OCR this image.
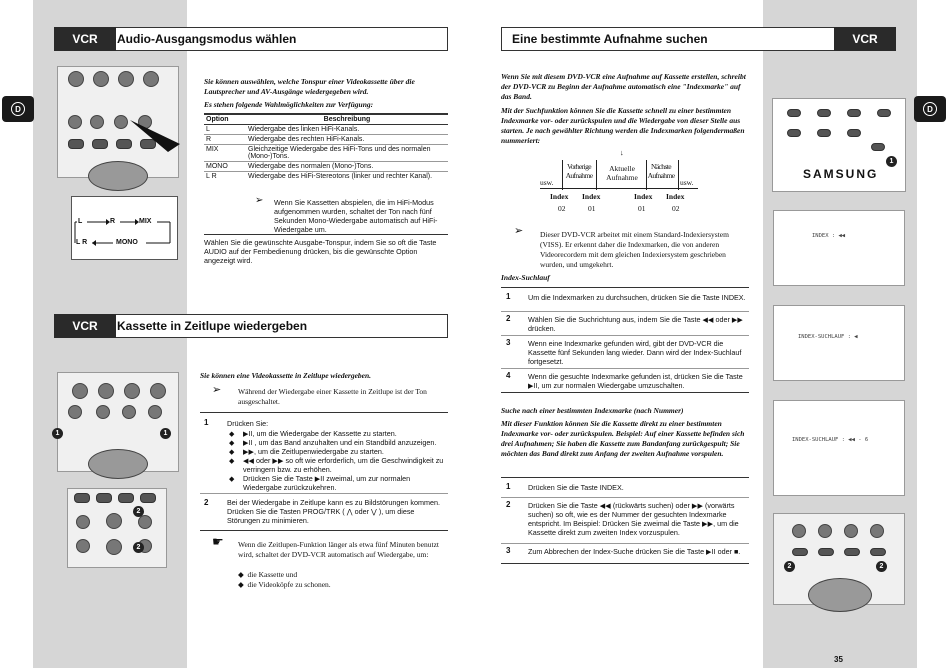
D	D
VCR	Audio-Ausgangsmodus wählen
L	R	MIX
L R	MONO
Sie können auswählen, welche Tonspur einer Videokassette über die Lautsprecher und AV-Ausgänge wiedergegeben wird.
Es stehen folgende Wahlmöglichkeiten zur Verfügung:
Option	Beschreibung
L	Wiedergabe des linken HiFi-Kanals.
R	Wiedergabe des rechten HiFi-Kanals.
MIX	Gleichzeitige Wiedergabe des HiFi-Tons und des normalen (Mono-)Tons.
MONO	Wiedergabe des normalen (Mono-)Tons.
L R	Wiedergabe des HiFi-Stereotons (linker und rechter Kanal).
➢ Wenn Sie Kassetten abspielen, die im HiFi-Modus aufgenommen wurden, schaltet der Ton nach fünf Sekunden Mono-Wiedergabe automatisch auf HiFi-Wiedergabe um.
Wählen Sie die gewünschte Ausgabe-Tonspur, indem Sie so oft die Taste AUDIO auf der Fernbedienung drücken, bis die gewünschte Option angezeigt wird.
VCR	Kassette in Zeitlupe wiedergeben
1	1
2
2
Sie können eine Videokassette in Zeitlupe wiedergeben.
➢ Während der Wiedergabe einer Kassette in Zeitlupe ist der Ton ausgeschaltet.
1	Drücken Sie:
◆ ▶II, um die Wiedergabe der Kassette zu starten.
◆ ▶II , um das Band anzuhalten und ein Standbild anzuzeigen.
◆ ▶▶, um die Zeitlupenwiedergabe zu starten.
◆ ◀◀ oder ▶▶ so oft wie erforderlich, um die Geschwindigkeit zu verringern bzw. zu erhöhen.
◆ Drücken Sie die Taste ▶II zweimal, um zur normalen Wiedergabe zurückzukehren.
2	Bei der Wiedergabe in Zeitlupe kann es zu Bildstörungen kommen. Drücken Sie die Tasten PROG/TRK ( ⋀ oder ⋁ ), um diese Störungen zu minimieren.
☛ Wenn die Zeitlupen-Funktion länger als etwa fünf Minuten benutzt wird, schaltet der DVD-VCR automatisch auf Wiedergabe, um:
◆  die Kassette und
◆  die Videoköpfe zu schonen.
Eine bestimmte Aufnahme suchen	VCR
Wenn Sie mit diesem DVD-VCR eine Aufnahme auf Kassette erstellen, schreibt der DVD-VCR zu Beginn der Aufnahme automatisch eine "Indexmarke" auf das Band.
Mit der Suchfunktion können Sie die Kassette schnell zu einer bestimmten Indexmarke vor- oder zurückspulen und die Wiedergabe von dieser Stelle aus starten. Je nach gewählter Richtung werden die Indexmarken folgendermaßen nummeriert:
↓
usw.
Vorherige Aufnahme
Aktuelle Aufnahme
Nächste Aufnahme
usw.
Index Index	Index Index
02	01	01	02
➢ Dieser DVD-VCR arbeitet mit einem Standard-Indexiersystem (VISS). Er erkennt daher die Indexmarken, die von anderen Videorecordern mit dem gleichen Indexiersystem geschrieben wurden, und umgekehrt.
Index-Suchlauf
1 Um die Indexmarken zu durchsuchen, drücken Sie die Taste INDEX.
2 Wählen Sie die Suchrichtung aus, indem Sie die Taste ◀◀ oder ▶▶ drücken.
3 Wenn eine Indexmarke gefunden wird, gibt der DVD-VCR die Kassette fünf Sekunden lang wieder. Dann wird der Index-Suchlauf fortgesetzt.
4 Wenn die gesuchte Indexmarke gefunden ist, drücken Sie die Taste ▶II, um zur normalen Wiedergabe umzuschalten.
Suche nach einer bestimmten Indexmarke (nach Nummer)
Mit dieser Funktion können Sie die Kassette direkt zu einer bestimmten Indexmarke vor- oder zurückspulen. Beispiel: Auf einer Kassette befinden sich drei Aufnahmen; Sie haben die Kassette zum Bandanfang zurückgespult; Sie möchten das Band direkt zum Anfang der zweiten Aufnahme vorspulen.
1 Drücken Sie die Taste INDEX.
2 Drücken Sie die Taste ◀◀ (rückwärts suchen) oder ▶▶ (vorwärts suchen) so oft, wie es der Nummer der gesuchten Indexmarke entspricht. Im Beispiel: Drücken Sie zweimal die Taste ▶▶, um die Kassette direkt zum zweiten Index vorzuspulen.
3 Zum Abbrechen der Index-Suche drücken Sie die Taste ▶II oder ■.
SAMSUNG
1
INDEX : ◀◀
INDEX-SUCHLAUF : ◀
INDEX-SUCHLAUF : ◀◀ - 6
2	2
35
